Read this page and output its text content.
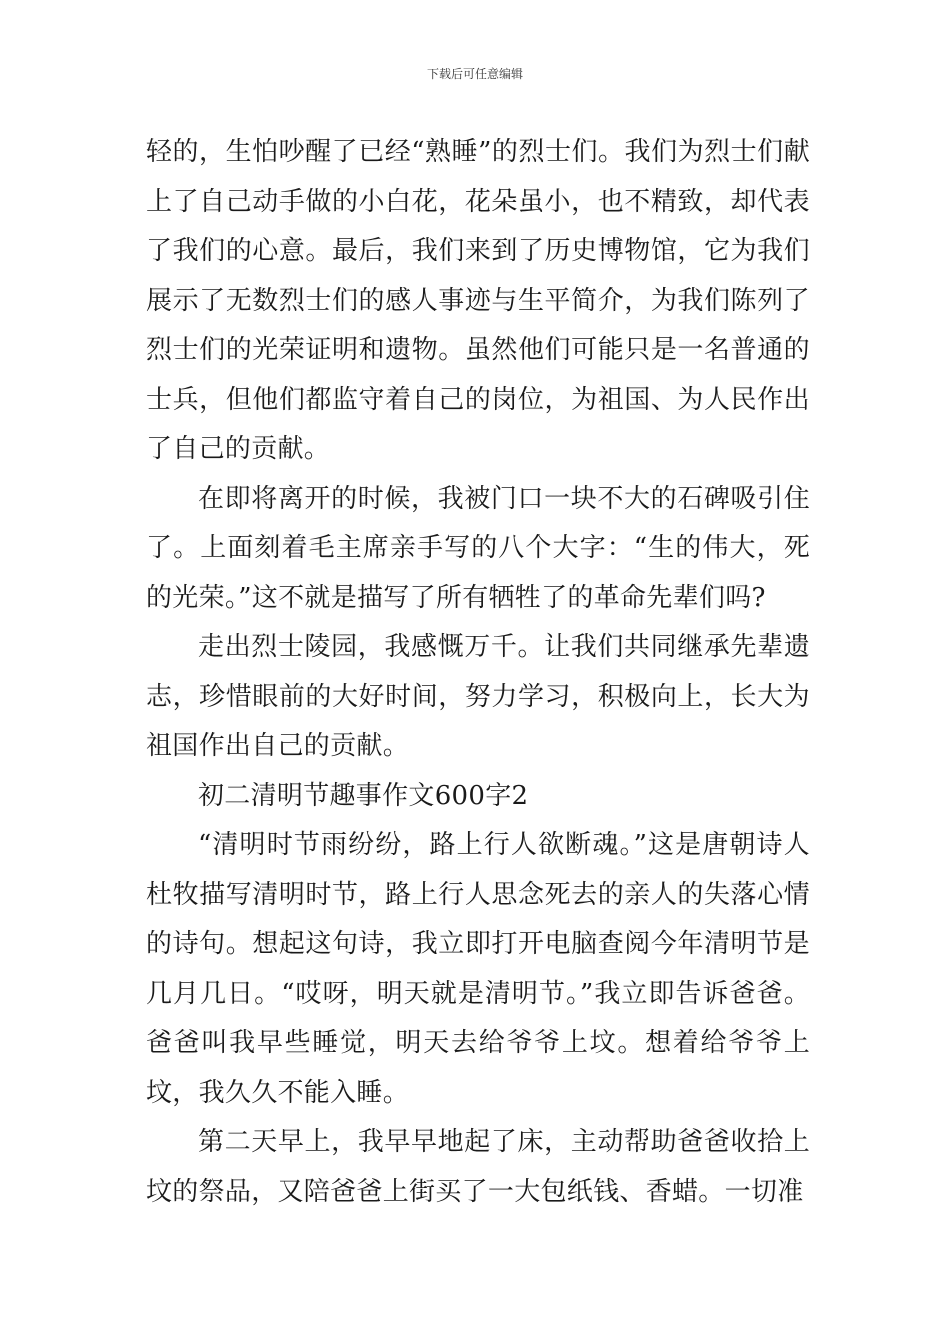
下载后可任意编辑

轻的，生怕吵醒了已经“熟睡”的烈士们。我们为烈士们献上了自己动手做的小白花，花朵虽小，也不精致，却代表了我们的心意。最后，我们来到了历史博物馆，它为我们展示了无数烈士们的感人事迹与生平简介，为我们陈列了烈士们的光荣证明和遗物。虽然他们可能只是一名普通的士兵，但他们都监守着自己的岗位，为祖国、为人民作出了自己的贡献。

在即将离开的时候，我被门口一块不大的石碑吸引住了。上面刻着毛主席亲手写的八个大字：“生的伟大，死的光荣。”这不就是描写了所有牺牲了的革命先辈们吗?

走出烈士陵园，我感慨万千。让我们共同继承先辈遗志，珍惜眼前的大好时间，努力学习，积极向上，长大为祖国作出自己的贡献。

初二清明节趣事作文600字2

“清明时节雨纷纷，路上行人欲断魂。”这是唐朝诗人杜牧描写清明时节，路上行人思念死去的亲人的失落心情的诗句。想起这句诗，我立即打开电脑查阅今年清明节是几月几日。“哎呀，明天就是清明节。”我立即告诉爸爸。爸爸叫我早些睡觉，明天去给爷爷上坟。想着给爷爷上坟，我久久不能入睡。

第二天早上，我早早地起了床，主动帮助爸爸收拾上坟的祭品，又陪爸爸上街买了一大包纸钱、香蜡。一切准
